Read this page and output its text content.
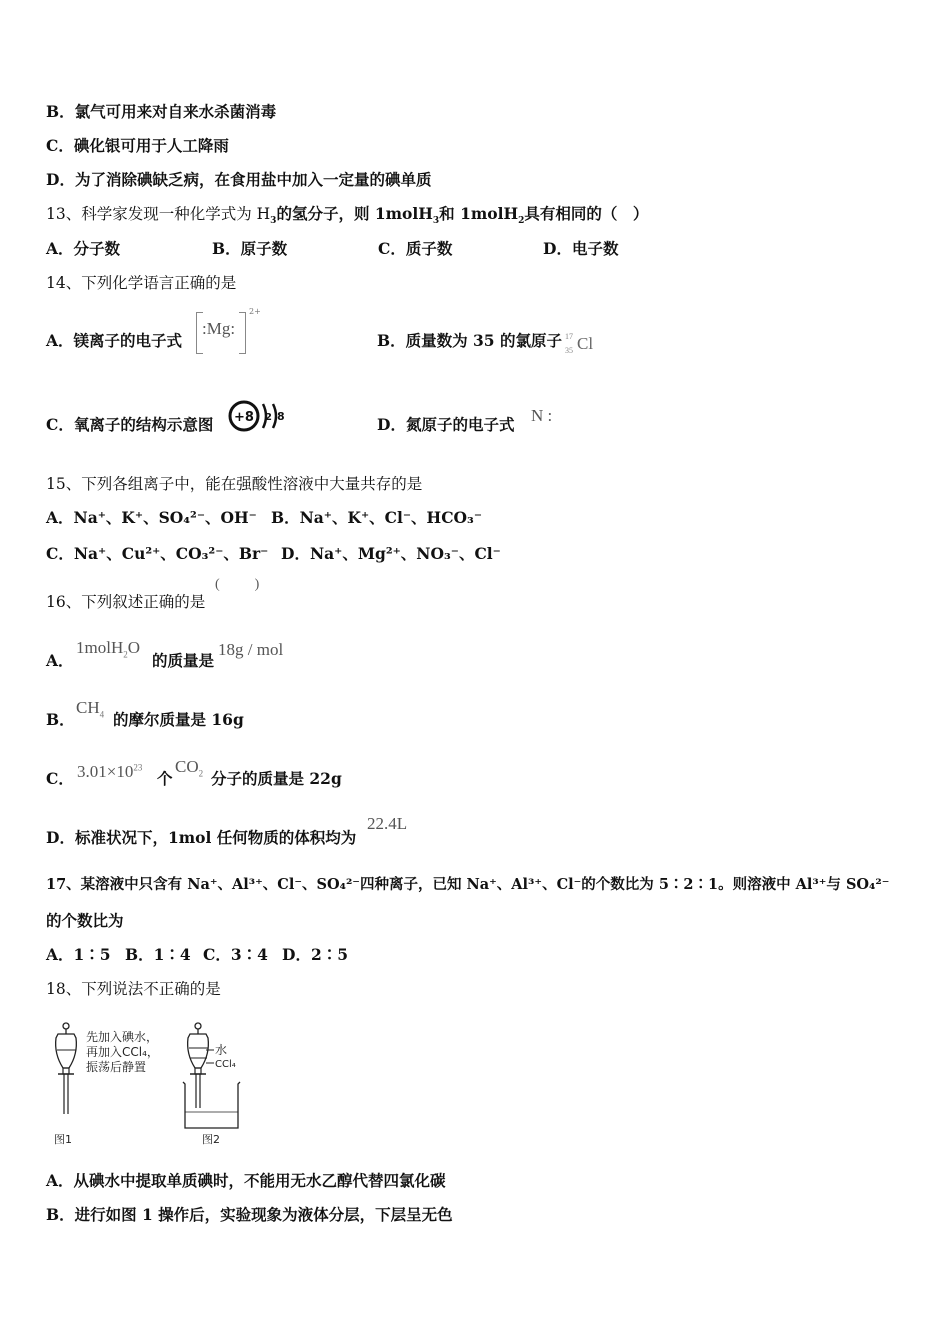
B．氯气可用来对自来水杀菌消毒
C．碘化银可用于人工降雨
D．为了消除碘缺乏病，在食用盐中加入一定量的碘单质
13、科学家发现一种化学式为 $H_3$的氢分子，则 1molH$_3$和 1molH$_2$具有相同的（　）
A．分子数	B．原子数	C．质子数	D．电子数
14、下列化学语言正确的是
A．镁离子的电子式
:Mg:
2+
B．质量数为 35 的氯原子 17
35 Cl
C．氧离子的结构示意图 +8 2 8	D．氮原子的电子式 N :
15、下列各组离子中，能在强酸性溶液中大量共存的是
A．Na⁺、K⁺、SO₄²⁻、OH⁻ B．Na⁺、K⁺、Cl⁻、HCO₃⁻
C．Na⁺、Cu²⁺、CO₃²⁻、Br⁻ D．Na⁺、Mg²⁺、NO₃⁻、Cl⁻
16、下列叙述正确的是
(     )
A．
1molH$_2$O
的质量是
18g / mol
B．
$CH_4$ 的摩尔质量是 16g
C． $3.01\times 10^{23}$
个
$CO_2$ 分子的质量是 22g
D．标准状况下，1mol 任何物质的体积均为
22.4L
17、某溶液中只含有 Na⁺、Al³⁺、Cl⁻、SO₄²⁻四种离子，已知 Na⁺、Al³⁺、Cl⁻的个数比为 5∶2∶1。则溶液中 Al³⁺与 SO₄²⁻
的个数比为
A．1∶5 B．1∶4 C．3∶4 D．2∶5
18、下列说法不正确的是
先加入碘水，
再加入CCl₄，
振荡后静置
图1
水
CCl₄
图2
A．从碘水中提取单质碘时，不能用无水乙醇代替四氯化碳
B．进行如图 1 操作后，实验现象为液体分层，下层呈无色
